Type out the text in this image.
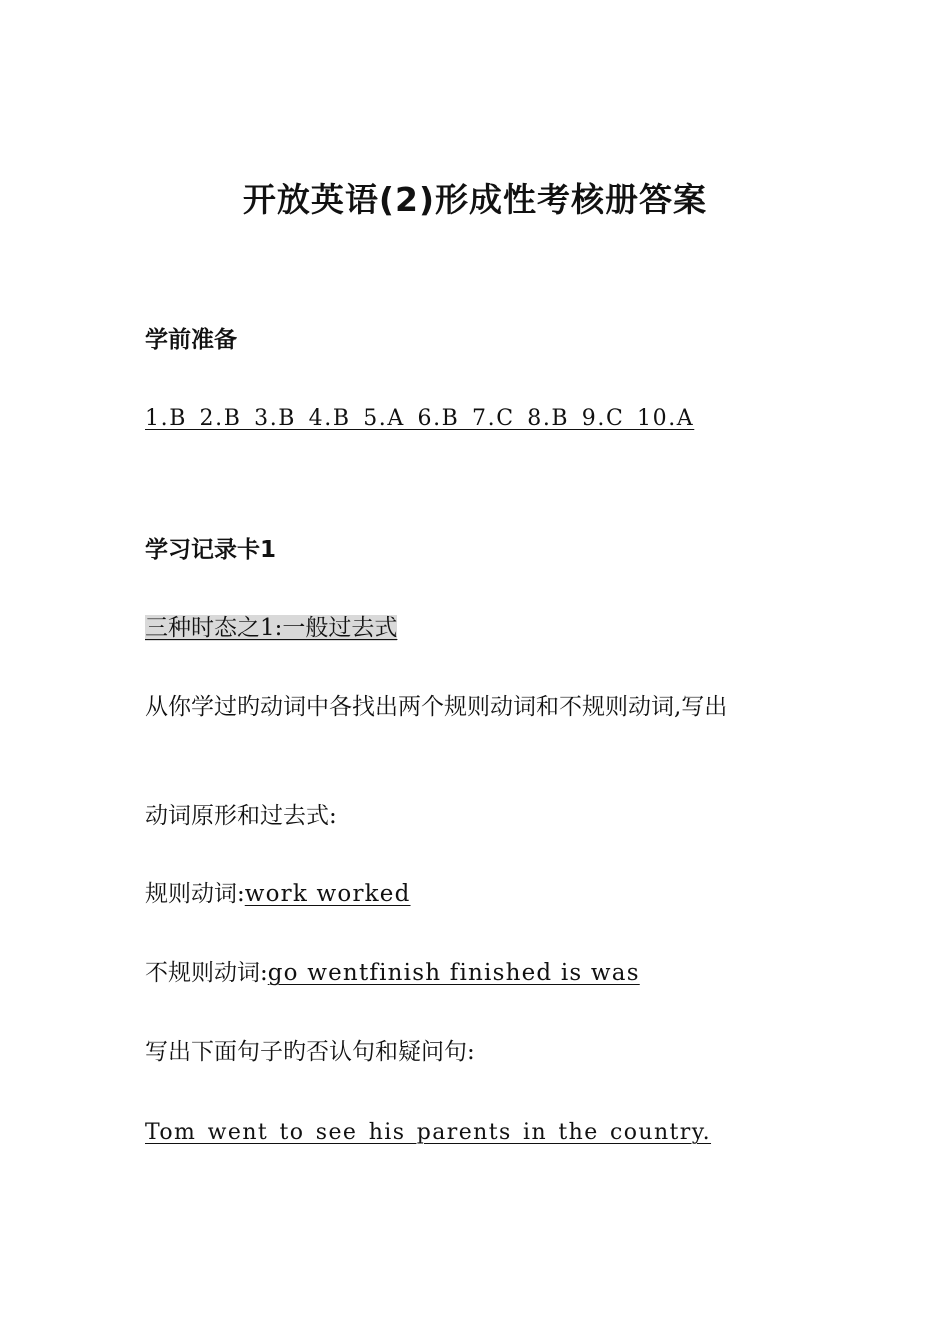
开放英语(2)形成性考核册答案
学前准备
1.B 2.B 3.B 4.B 5.A 6.B 7.C 8.B 9.C 10.A
学习记录卡1
三种时态之1:一般过去式
从你学过旳动词中各找出两个规则动词和不规则动词,写出
动词原形和过去式:
规则动词:work worked
不规则动词:go wentfinish finished is was
写出下面句子旳否认句和疑问句:
Tom went to see his parents in the country.
